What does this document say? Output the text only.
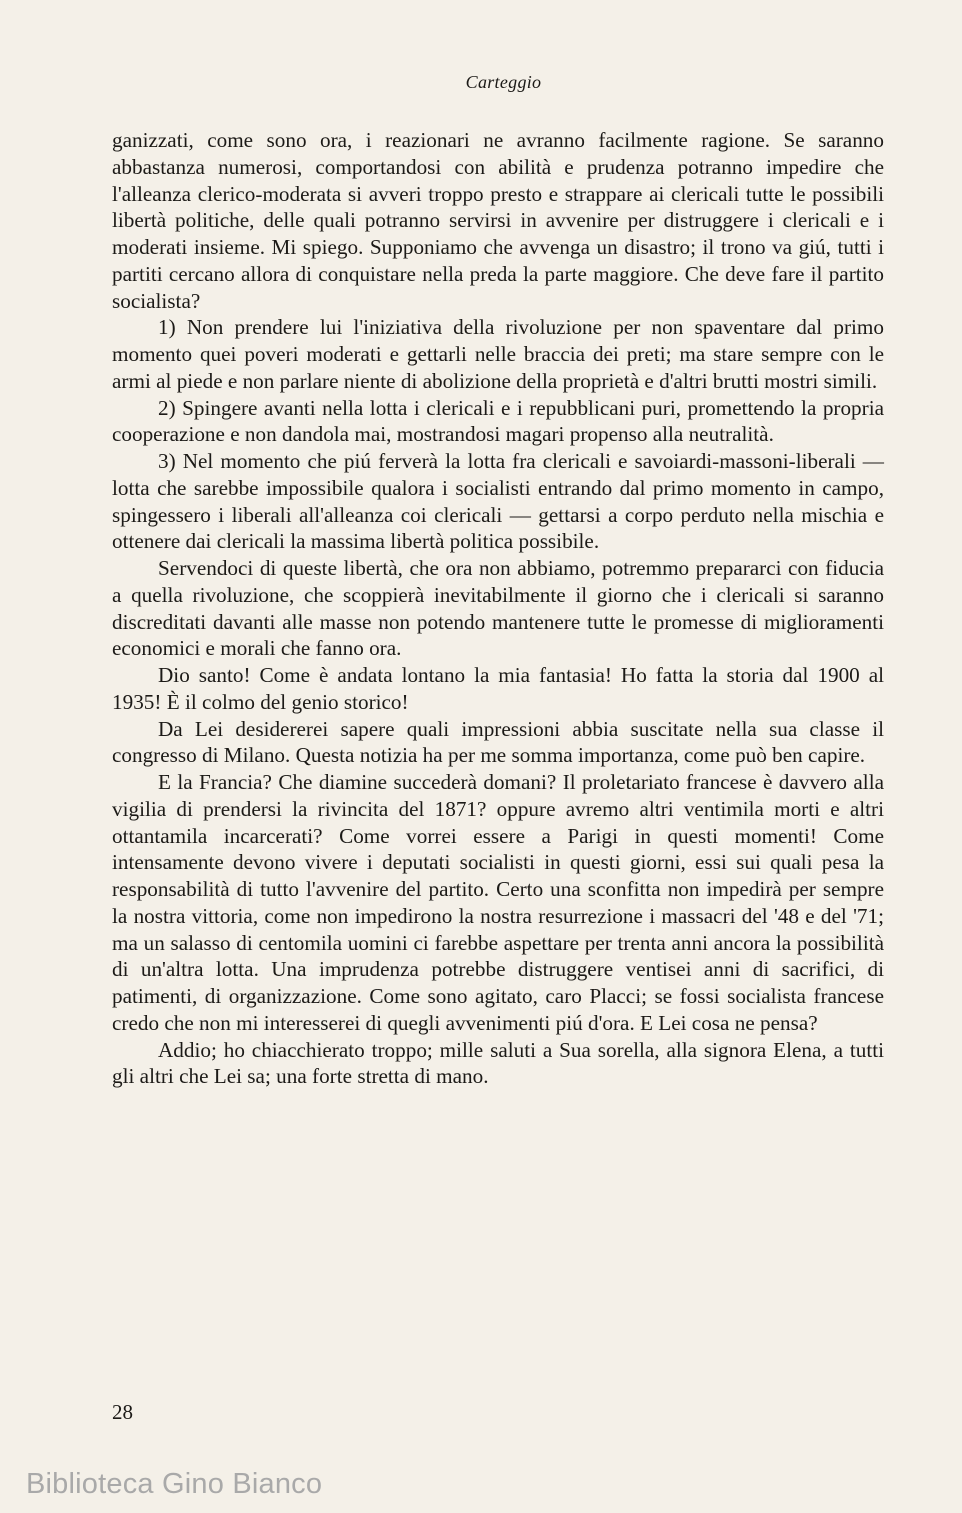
Carteggio

ganizzati, come sono ora, i reazionari ne avranno facilmente ragione. Se saranno abbastanza numerosi, comportandosi con abilità e prudenza potranno impedire che l'alleanza clerico-moderata si avveri troppo presto e strappare ai clericali tutte le possibili libertà politiche, delle quali potranno servirsi in avvenire per distruggere i clericali e i moderati insieme. Mi spiego. Supponiamo che avvenga un disastro; il trono va giú, tutti i partiti cercano allora di conquistare nella preda la parte maggiore. Che deve fare il partito socialista?

1) Non prendere lui l'iniziativa della rivoluzione per non spaventare dal primo momento quei poveri moderati e gettarli nelle braccia dei preti; ma stare sempre con le armi al piede e non parlare niente di abolizione della proprietà e d'altri brutti mostri simili.

2) Spingere avanti nella lotta i clericali e i repubblicani puri, promettendo la propria cooperazione e non dandola mai, mostrandosi magari propenso alla neutralità.

3) Nel momento che piú ferverà la lotta fra clericali e savoiardi-massoni-liberali — lotta che sarebbe impossibile qualora i socialisti entrando dal primo momento in campo, spingessero i liberali all'alleanza coi clericali — gettarsi a corpo perduto nella mischia e ottenere dai clericali la massima libertà politica possibile.

Servendoci di queste libertà, che ora non abbiamo, potremmo prepararci con fiducia a quella rivoluzione, che scoppierà inevitabilmente il giorno che i clericali si saranno discreditati davanti alle masse non potendo mantenere tutte le promesse di miglioramenti economici e morali che fanno ora.

Dio santo! Come è andata lontano la mia fantasia! Ho fatta la storia dal 1900 al 1935! È il colmo del genio storico!

Da Lei desidererei sapere quali impressioni abbia suscitate nella sua classe il congresso di Milano. Questa notizia ha per me somma importanza, come può ben capire.

E la Francia? Che diamine succederà domani? Il proletariato francese è davvero alla vigilia di prendersi la rivincita del 1871? oppure avremo altri ventimila morti e altri ottantamila incarcerati? Come vorrei essere a Parigi in questi momenti! Come intensamente devono vivere i deputati socialisti in questi giorni, essi sui quali pesa la responsabilità di tutto l'avvenire del partito. Certo una sconfitta non impedirà per sempre la nostra vittoria, come non impedirono la nostra resurrezione i massacri del '48 e del '71; ma un salasso di centomila uomini ci farebbe aspettare per trenta anni ancora la possibilità di un'altra lotta. Una imprudenza potrebbe distruggere ventisei anni di sacrifici, di patimenti, di organizzazione. Come sono agitato, caro Placci; se fossi socialista francese credo che non mi interesserei di quegli avvenimenti piú d'ora. E Lei cosa ne pensa?

Addio; ho chiacchierato troppo; mille saluti a Sua sorella, alla signora Elena, a tutti gli altri che Lei sa; una forte stretta di mano.

28
Biblioteca Gino Bianco
